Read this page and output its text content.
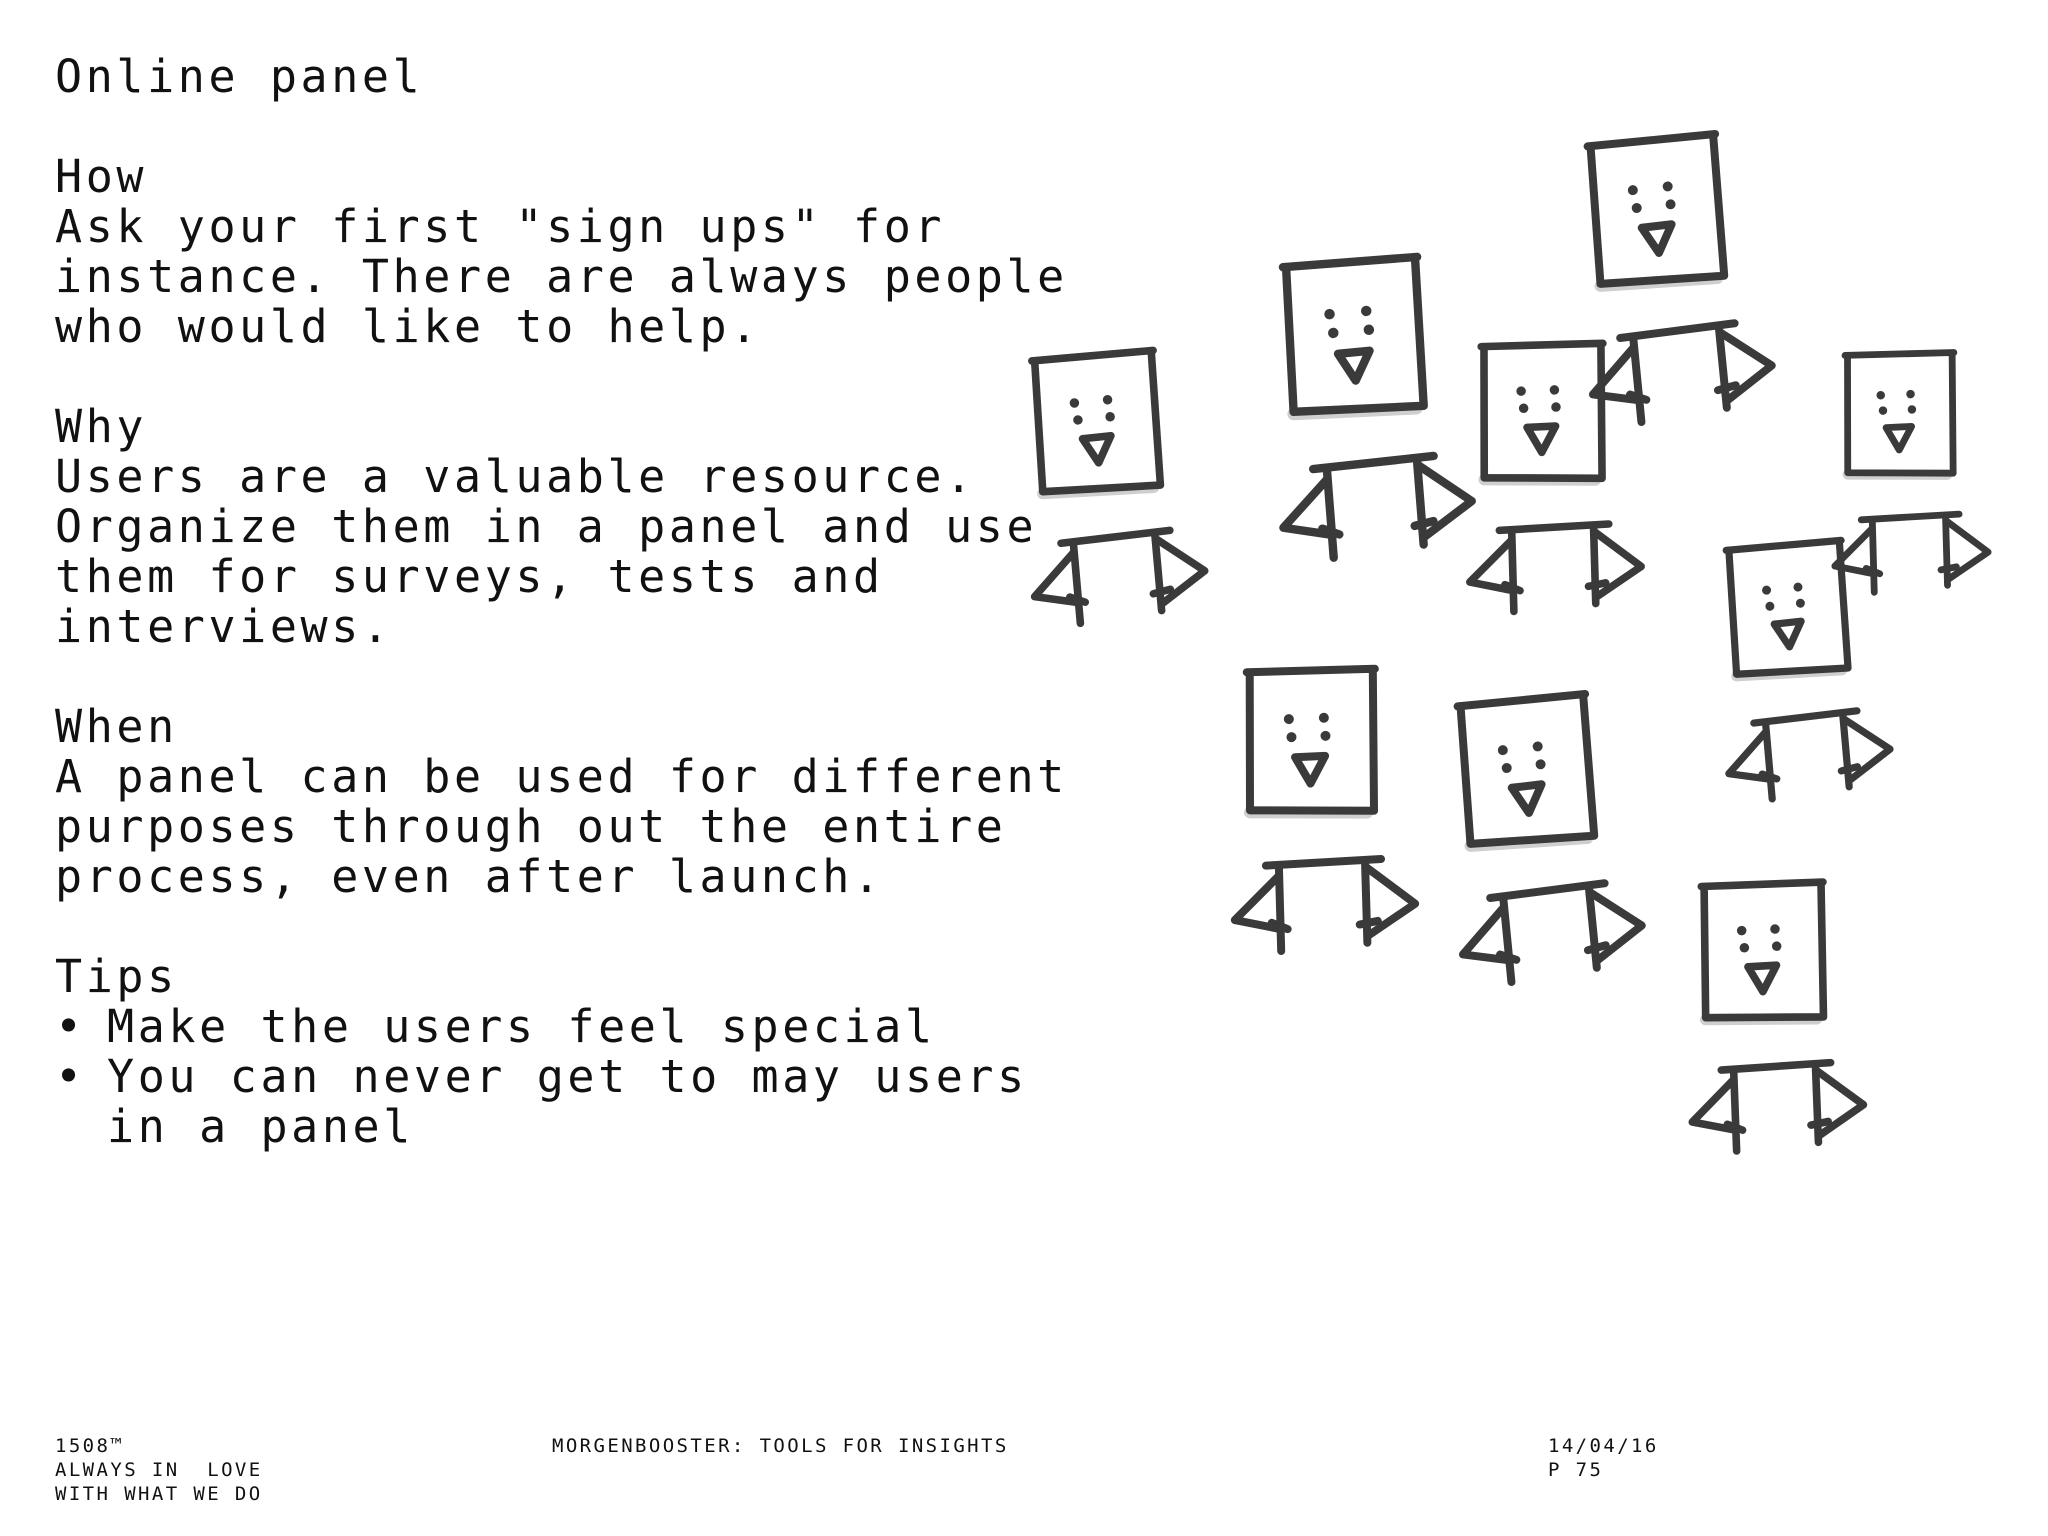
Online panel

How

Ask your first "sign ups" for

instance. There are always people

who would like to help.

Why

Users are a valuable resource.

Organize them in a panel and use

them for surveys, tests and

interviews.

When

A panel can be used for different

purposes through out the entire

process, even after launch.

Tips

• Make the users feel special

• You can never get to may users

in a panel

1508™
ALWAYS IN  LOVE
WITH WHAT WE DO
MORGENBOOSTER: TOOLS FOR INSIGHTS	14/04/16
P 75
